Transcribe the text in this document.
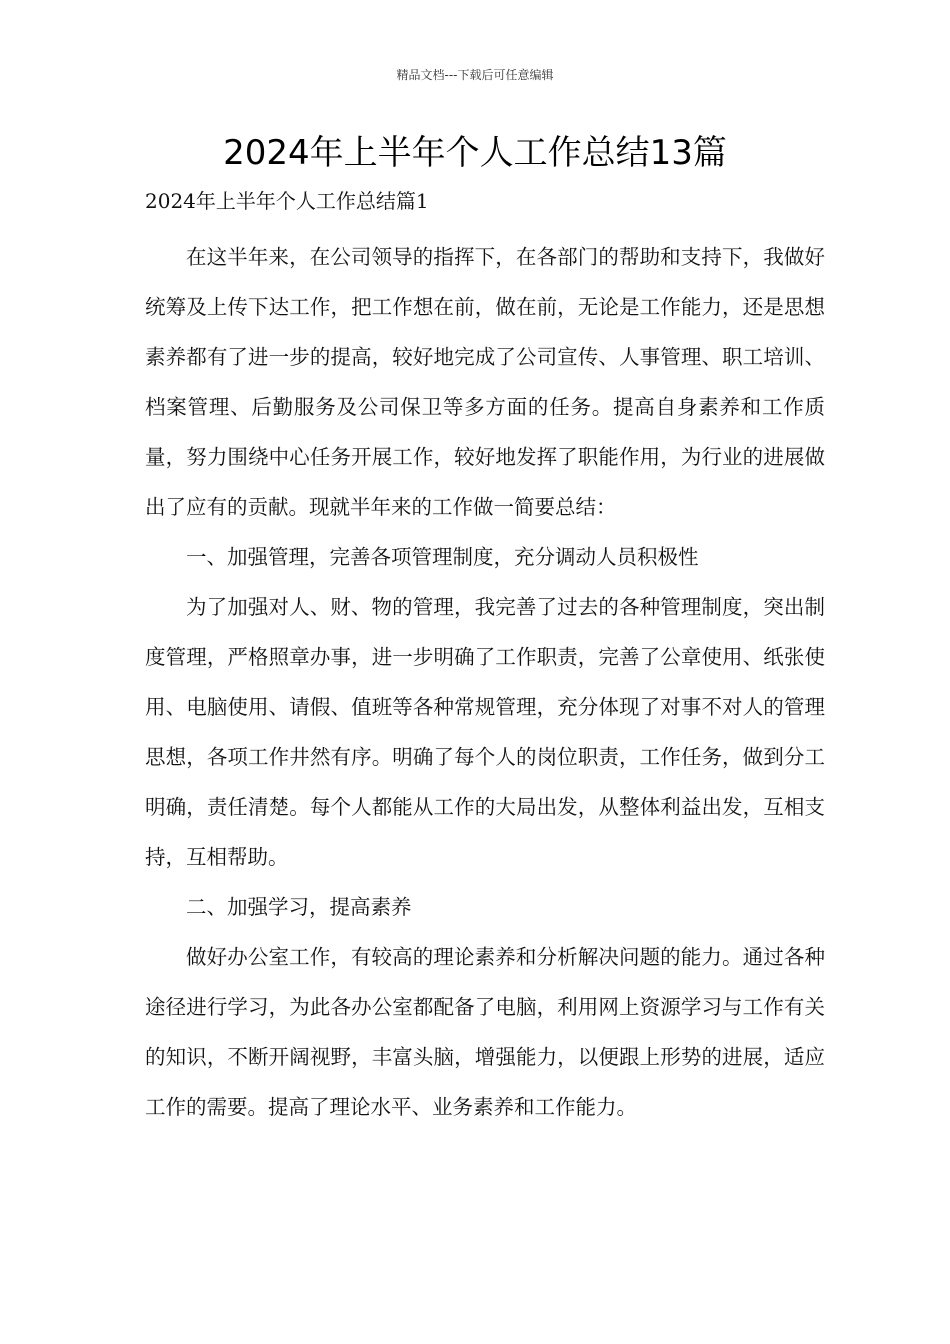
精品文档---下载后可任意编辑
2024年上半年个人工作总结13篇
2024年上半年个人工作总结篇1

在这半年来，在公司领导的指挥下，在各部门的帮助和支持下，我做好统筹及上传下达工作，把工作想在前，做在前，无论是工作能力，还是思想素养都有了进一步的提高，较好地完成了公司宣传、人事管理、职工培训、档案管理、后勤服务及公司保卫等多方面的任务。提高自身素养和工作质量，努力围绕中心任务开展工作，较好地发挥了职能作用，为行业的进展做出了应有的贡献。现就半年来的工作做一简要总结：

一、加强管理，完善各项管理制度，充分调动人员积极性

为了加强对人、财、物的管理，我完善了过去的各种管理制度，突出制度管理，严格照章办事，进一步明确了工作职责，完善了公章使用、纸张使用、电脑使用、请假、值班等各种常规管理，充分体现了对事不对人的管理思想，各项工作井然有序。明确了每个人的岗位职责，工作任务，做到分工明确，责任清楚。每个人都能从工作的大局出发，从整体利益出发，互相支持，互相帮助。

二、加强学习，提高素养

做好办公室工作，有较高的理论素养和分析解决问题的能力。通过各种途径进行学习，为此各办公室都配备了电脑，利用网上资源学习与工作有关的知识，不断开阔视野，丰富头脑，增强能力，以便跟上形势的进展，适应工作的需要。提高了理论水平、业务素养和工作能力。
